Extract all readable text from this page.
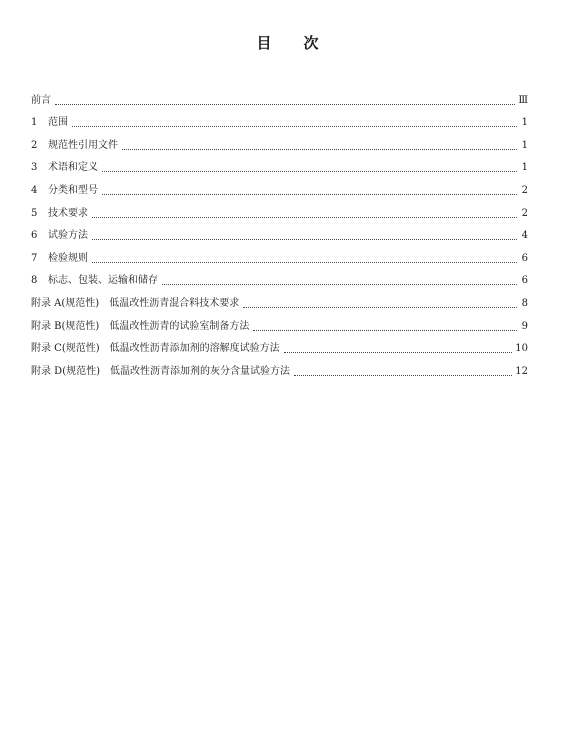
目 次
前言	Ⅲ
1	范围	1
2	规范性引用文件	1
3	术语和定义	1
4	分类和型号	2
5	技术要求	2
6	试验方法	4
7	检验规则	6
8	标志、包装、运输和储存	6
附录 A(规范性)　低温改性沥青混合料技术要求	8
附录 B(规范性)　低温改性沥青的试验室制备方法	9
附录 C(规范性)　低温改性沥青添加剂的溶解度试验方法	10
附录 D(规范性)　低温改性沥青添加剂的灰分含量试验方法	12
